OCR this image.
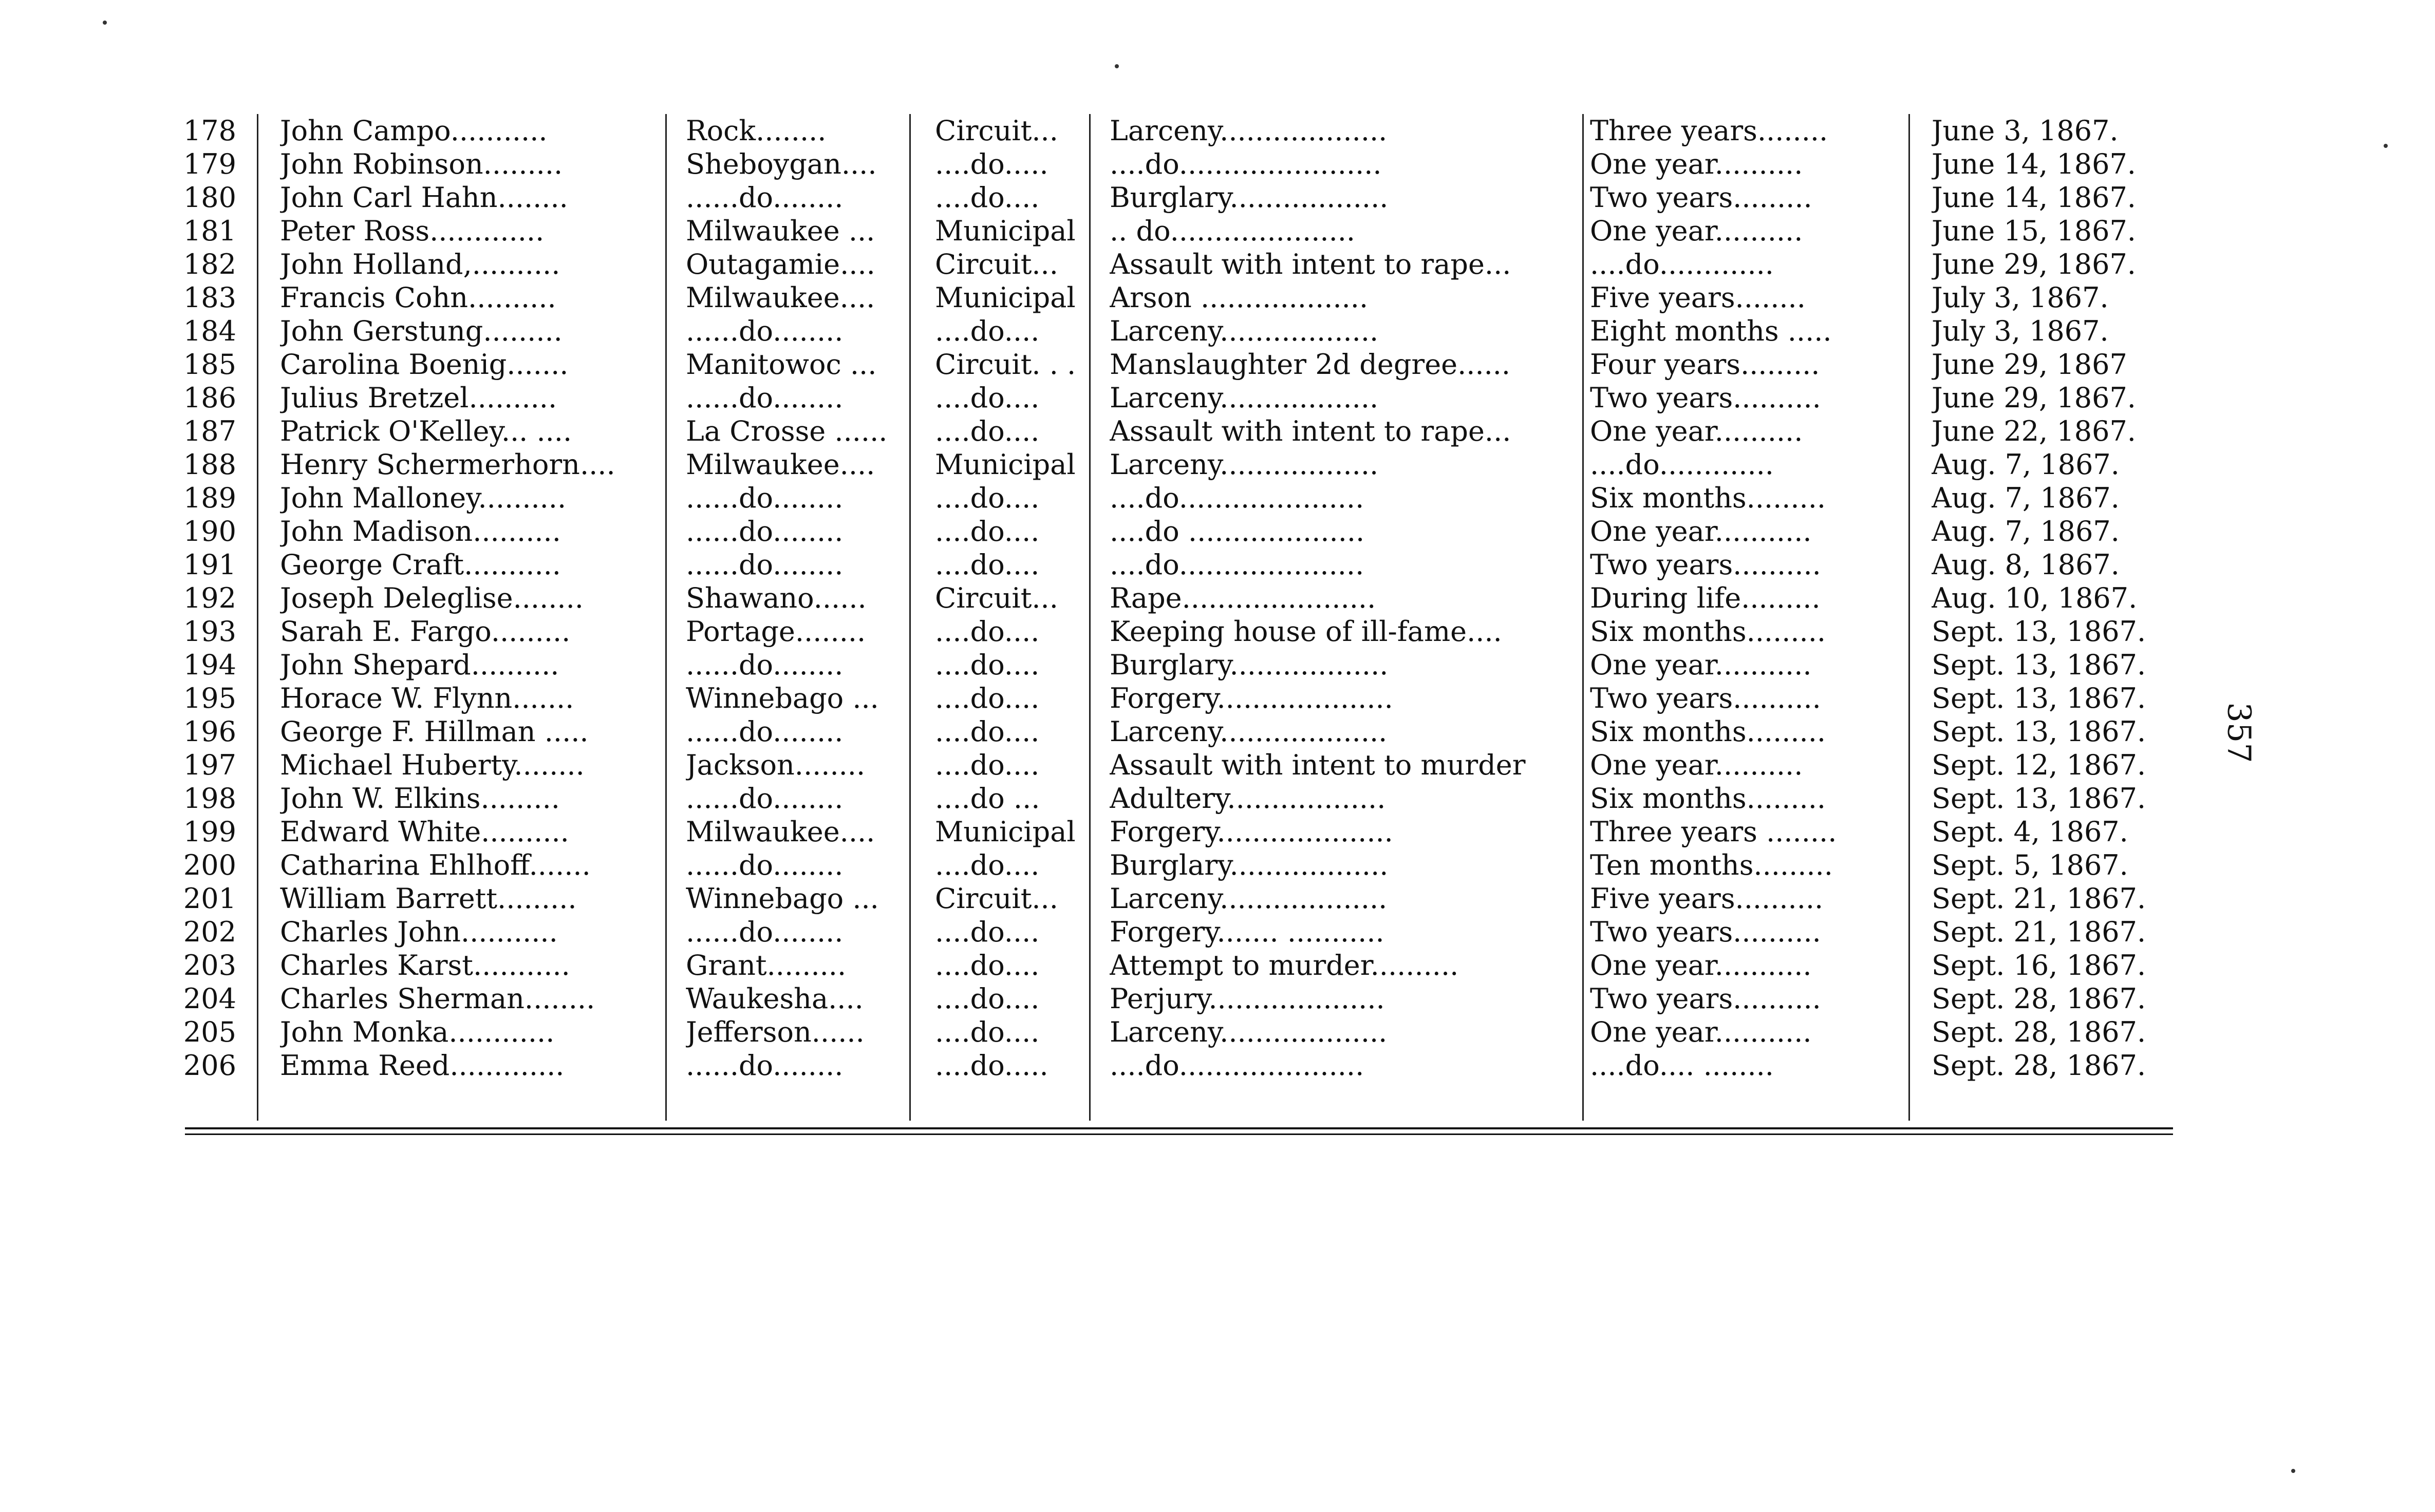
357
178 John Campo...........	Rock........	Circuit...	Larceny...................	Three years........	June 3, 1867.
179 John Robinson.........	Sheboygan....	....do.....	....do.......................	One year..........	June 14, 1867.
180 John Carl Hahn........	......do........	....do....	Burglary..................	Two years.........	June 14, 1867.
181 Peter Ross.............	Milwaukee ...	Municipal	.. do.....................	One year..........	June 15, 1867.
182 John Holland,..........	Outagamie....	Circuit...	Assault with intent to rape...	....do.............	June 29, 1867.
183 Francis Cohn..........	Milwaukee....	Municipal	Arson ...................	Five years........	July 3, 1867.
184 John Gerstung.........	......do........	....do....	Larceny..................	Eight months .....	July 3, 1867.
185 Carolina Boenig.......	Manitowoc ...	Circuit. . .	Manslaughter 2d degree......	Four years.........	June 29, 1867
186 Julius Bretzel..........	......do........	....do....	Larceny..................	Two years..........	June 29, 1867.
187 Patrick O'Kelley... ....	La Crosse ......	....do....	Assault with intent to rape...	One year..........	June 22, 1867.
188 Henry Schermerhorn....	Milwaukee....	Municipal	Larceny..................	....do.............	Aug. 7, 1867.
189 John Malloney..........	......do........	....do....	....do.....................	Six months.........	Aug. 7, 1867.
190 John Madison..........	......do........	....do....	....do ....................	One year...........	Aug. 7, 1867.
191 George Craft...........	......do........	....do....	....do.....................	Two years..........	Aug. 8, 1867.
192 Joseph Deleglise........	Shawano......	Circuit...	Rape......................	During life.........	Aug. 10, 1867.
193 Sarah E. Fargo.........	Portage........	....do....	Keeping house of ill-fame....	Six months.........	Sept. 13, 1867.
194 John Shepard..........	......do........	....do....	Burglary..................	One year...........	Sept. 13, 1867.
195 Horace W. Flynn.......	Winnebago ...	....do....	Forgery....................	Two years..........	Sept. 13, 1867.
196 George F. Hillman .....	......do........	....do....	Larceny...................	Six months.........	Sept. 13, 1867.
197 Michael Huberty........	Jackson........	....do....	Assault with intent to murder	One year..........	Sept. 12, 1867.
198 John W. Elkins.........	......do........	....do ...	Adultery..................	Six months.........	Sept. 13, 1867.
199 Edward White..........	Milwaukee....	Municipal	Forgery....................	Three years ........	Sept. 4, 1867.
200 Catharina Ehlhoff.......	......do........	....do....	Burglary..................	Ten months.........	Sept. 5, 1867.
201 William Barrett.........	Winnebago ...	Circuit...	Larceny...................	Five years..........	Sept. 21, 1867.
202 Charles John...........	......do........	....do....	Forgery....... ...........	Two years..........	Sept. 21, 1867.
203 Charles Karst...........	Grant.........	....do....	Attempt to murder..........	One year...........	Sept. 16, 1867.
204 Charles Sherman........	Waukesha....	....do....	Perjury....................	Two years..........	Sept. 28, 1867.
205 John Monka............	Jefferson......	....do....	Larceny...................	One year...........	Sept. 28, 1867.
206 Emma Reed.............	......do........	....do.....	....do.....................	....do.... ........	Sept. 28, 1867.
